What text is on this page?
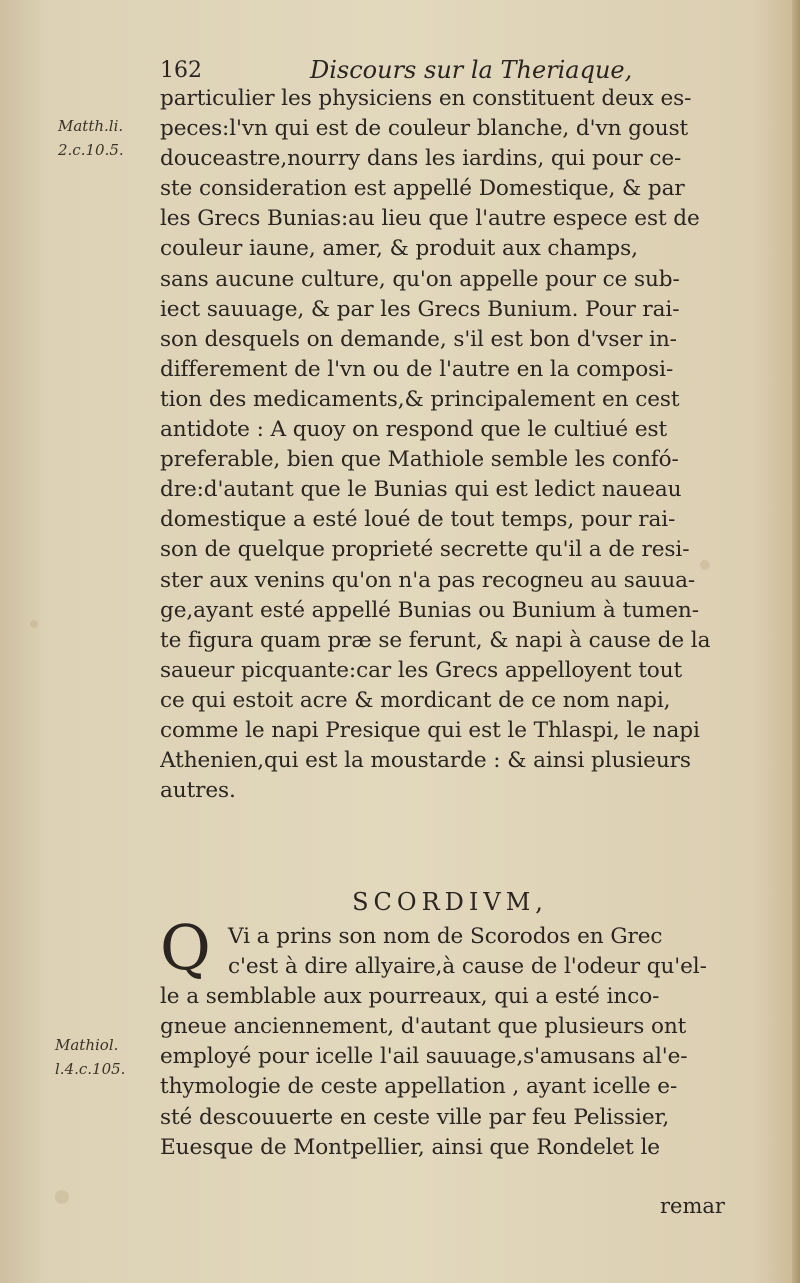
162	Discours sur la Theriaque,
Matth.li.
2.c.10.5.
Mathiol.
l.4.c.105.
particulier les physiciens en constituent deux es-
peces:l'vn qui est de couleur blanche, d'vn goust
douceastre,nourry dans les iardins, qui pour ce-
ste consideration est appellé Domestique, & par
les Grecs Bunias:au lieu que l'autre espece est de
couleur iaune, amer, & produit aux champs,
sans aucune culture, qu'on appelle pour ce sub-
iect sauuage, & par les Grecs Bunium. Pour rai-
son desquels on demande, s'il est bon d'vser in-
differement de l'vn ou de l'autre en la composi-
tion des medicaments,& principalement en cest
antidote : A quoy on respond que le cultiué est
preferable, bien que Mathiole semble les confó-
dre:d'autant que le Bunias qui est ledict naueau
domestique a esté loué de tout temps, pour rai-
son de quelque proprieté secrette qu'il a de resi-
ster aux venins qu'on n'a pas recogneu au sauua-
ge,ayant esté appellé Bunias ou Bunium à tumen-
te figura quam præ se ferunt, & napi à cause de la
saueur picquante:car les Grecs appelloyent tout
ce qui estoit acre & mordicant de ce nom napi,
comme le napi Presique qui est le Thlaspi, le napi
Athenien,qui est la moustarde : & ainsi plusieurs
autres.
SCORDIVM,
Q Vi a prins son nom de Scorodos en Grec
c'est à dire allyaire,à cause de l'odeur qu'el-
le a semblable aux pourreaux, qui a esté inco-
gneue anciennement, d'autant que plusieurs ont
employé pour icelle l'ail sauuage,s'amusans al'e-
thymologie de ceste appellation , ayant icelle e-
sté descouuerte en ceste ville par feu Pelissier,
Euesque de Montpellier, ainsi que Rondelet le
remar
